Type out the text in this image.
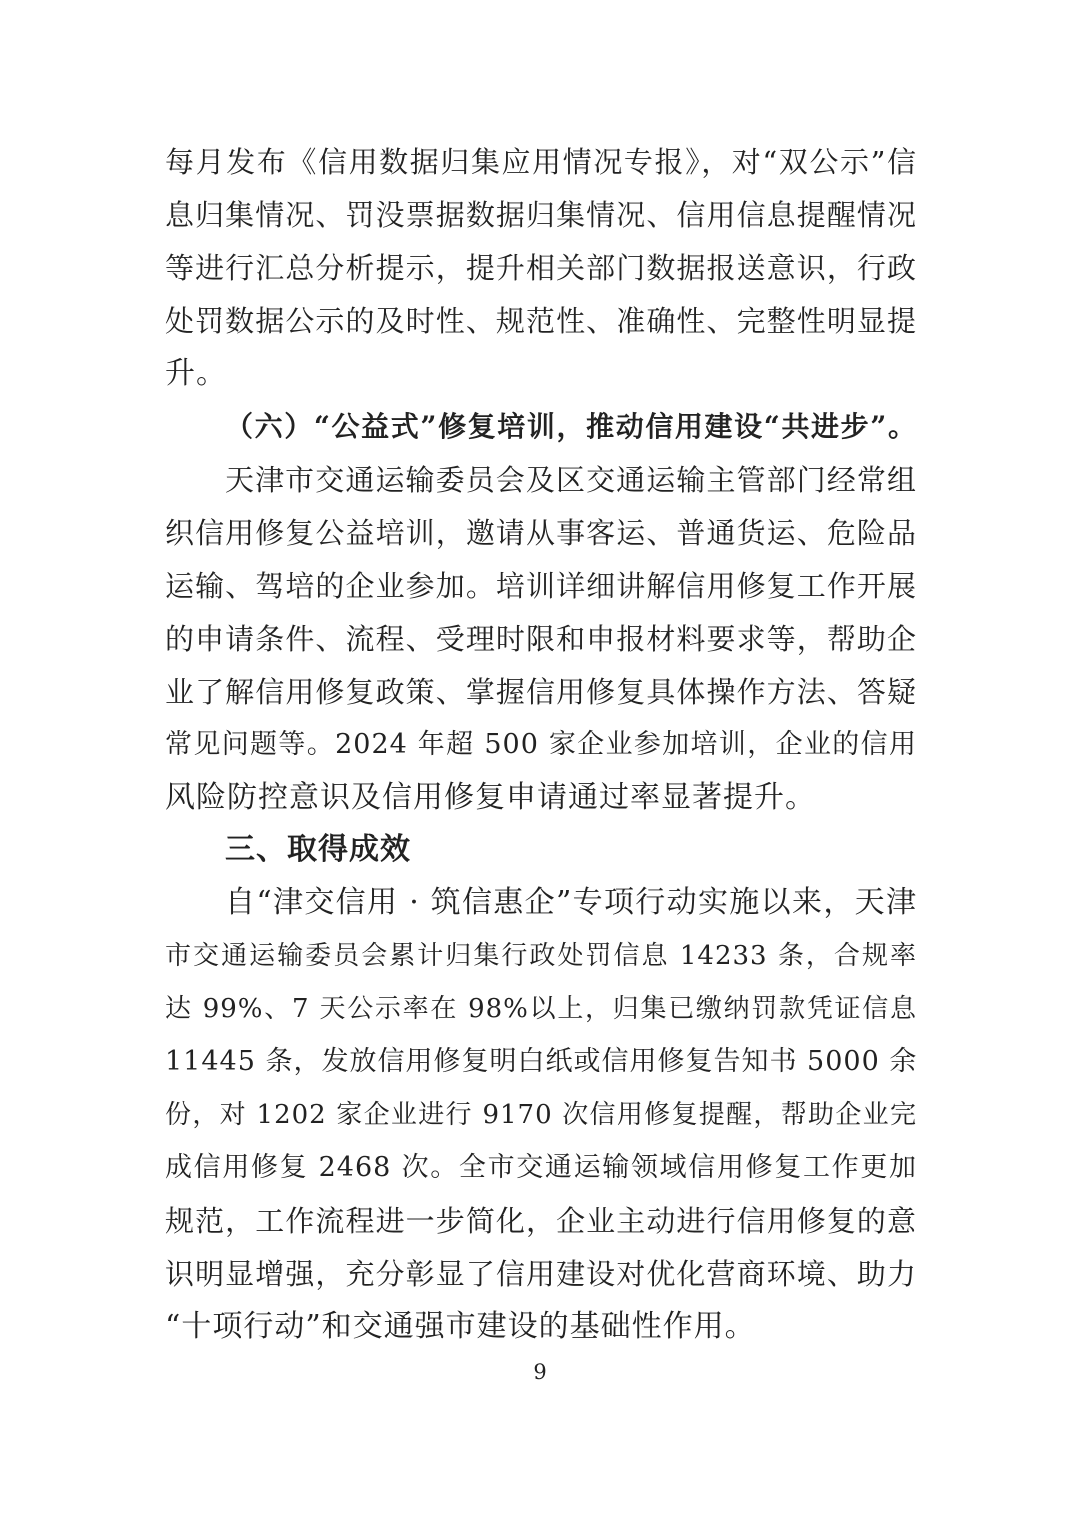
每月发布《信用数据归集应用情况专报》，对“双公示”信
息归集情况、罚没票据数据归集情况、信用信息提醒情况
等进行汇总分析提示，提升相关部门数据报送意识，行政
处罚数据公示的及时性、规范性、准确性、完整性明显提
升。
（六）“公益式”修复培训，推动信用建设“共进步”。
天津市交通运输委员会及区交通运输主管部门经常组
织信用修复公益培训，邀请从事客运、普通货运、危险品
运输、驾培的企业参加。培训详细讲解信用修复工作开展
的申请条件、流程、受理时限和申报材料要求等，帮助企
业了解信用修复政策、掌握信用修复具体操作方法、答疑
常见问题等。2024 年超 500 家企业参加培训，企业的信用
风险防控意识及信用修复申请通过率显著提升。
三、取得成效
自“津交信用 · 筑信惠企”专项行动实施以来，天津
市交通运输委员会累计归集行政处罚信息 14233 条，合规率
达 99%、7 天公示率在 98%以上，归集已缴纳罚款凭证信息
11445 条，发放信用修复明白纸或信用修复告知书 5000 余
份，对 1202 家企业进行 9170 次信用修复提醒，帮助企业完
成信用修复 2468 次。全市交通运输领域信用修复工作更加
规范，工作流程进一步简化，企业主动进行信用修复的意
识明显增强，充分彰显了信用建设对优化营商环境、助力
“十项行动”和交通强市建设的基础性作用。
9
